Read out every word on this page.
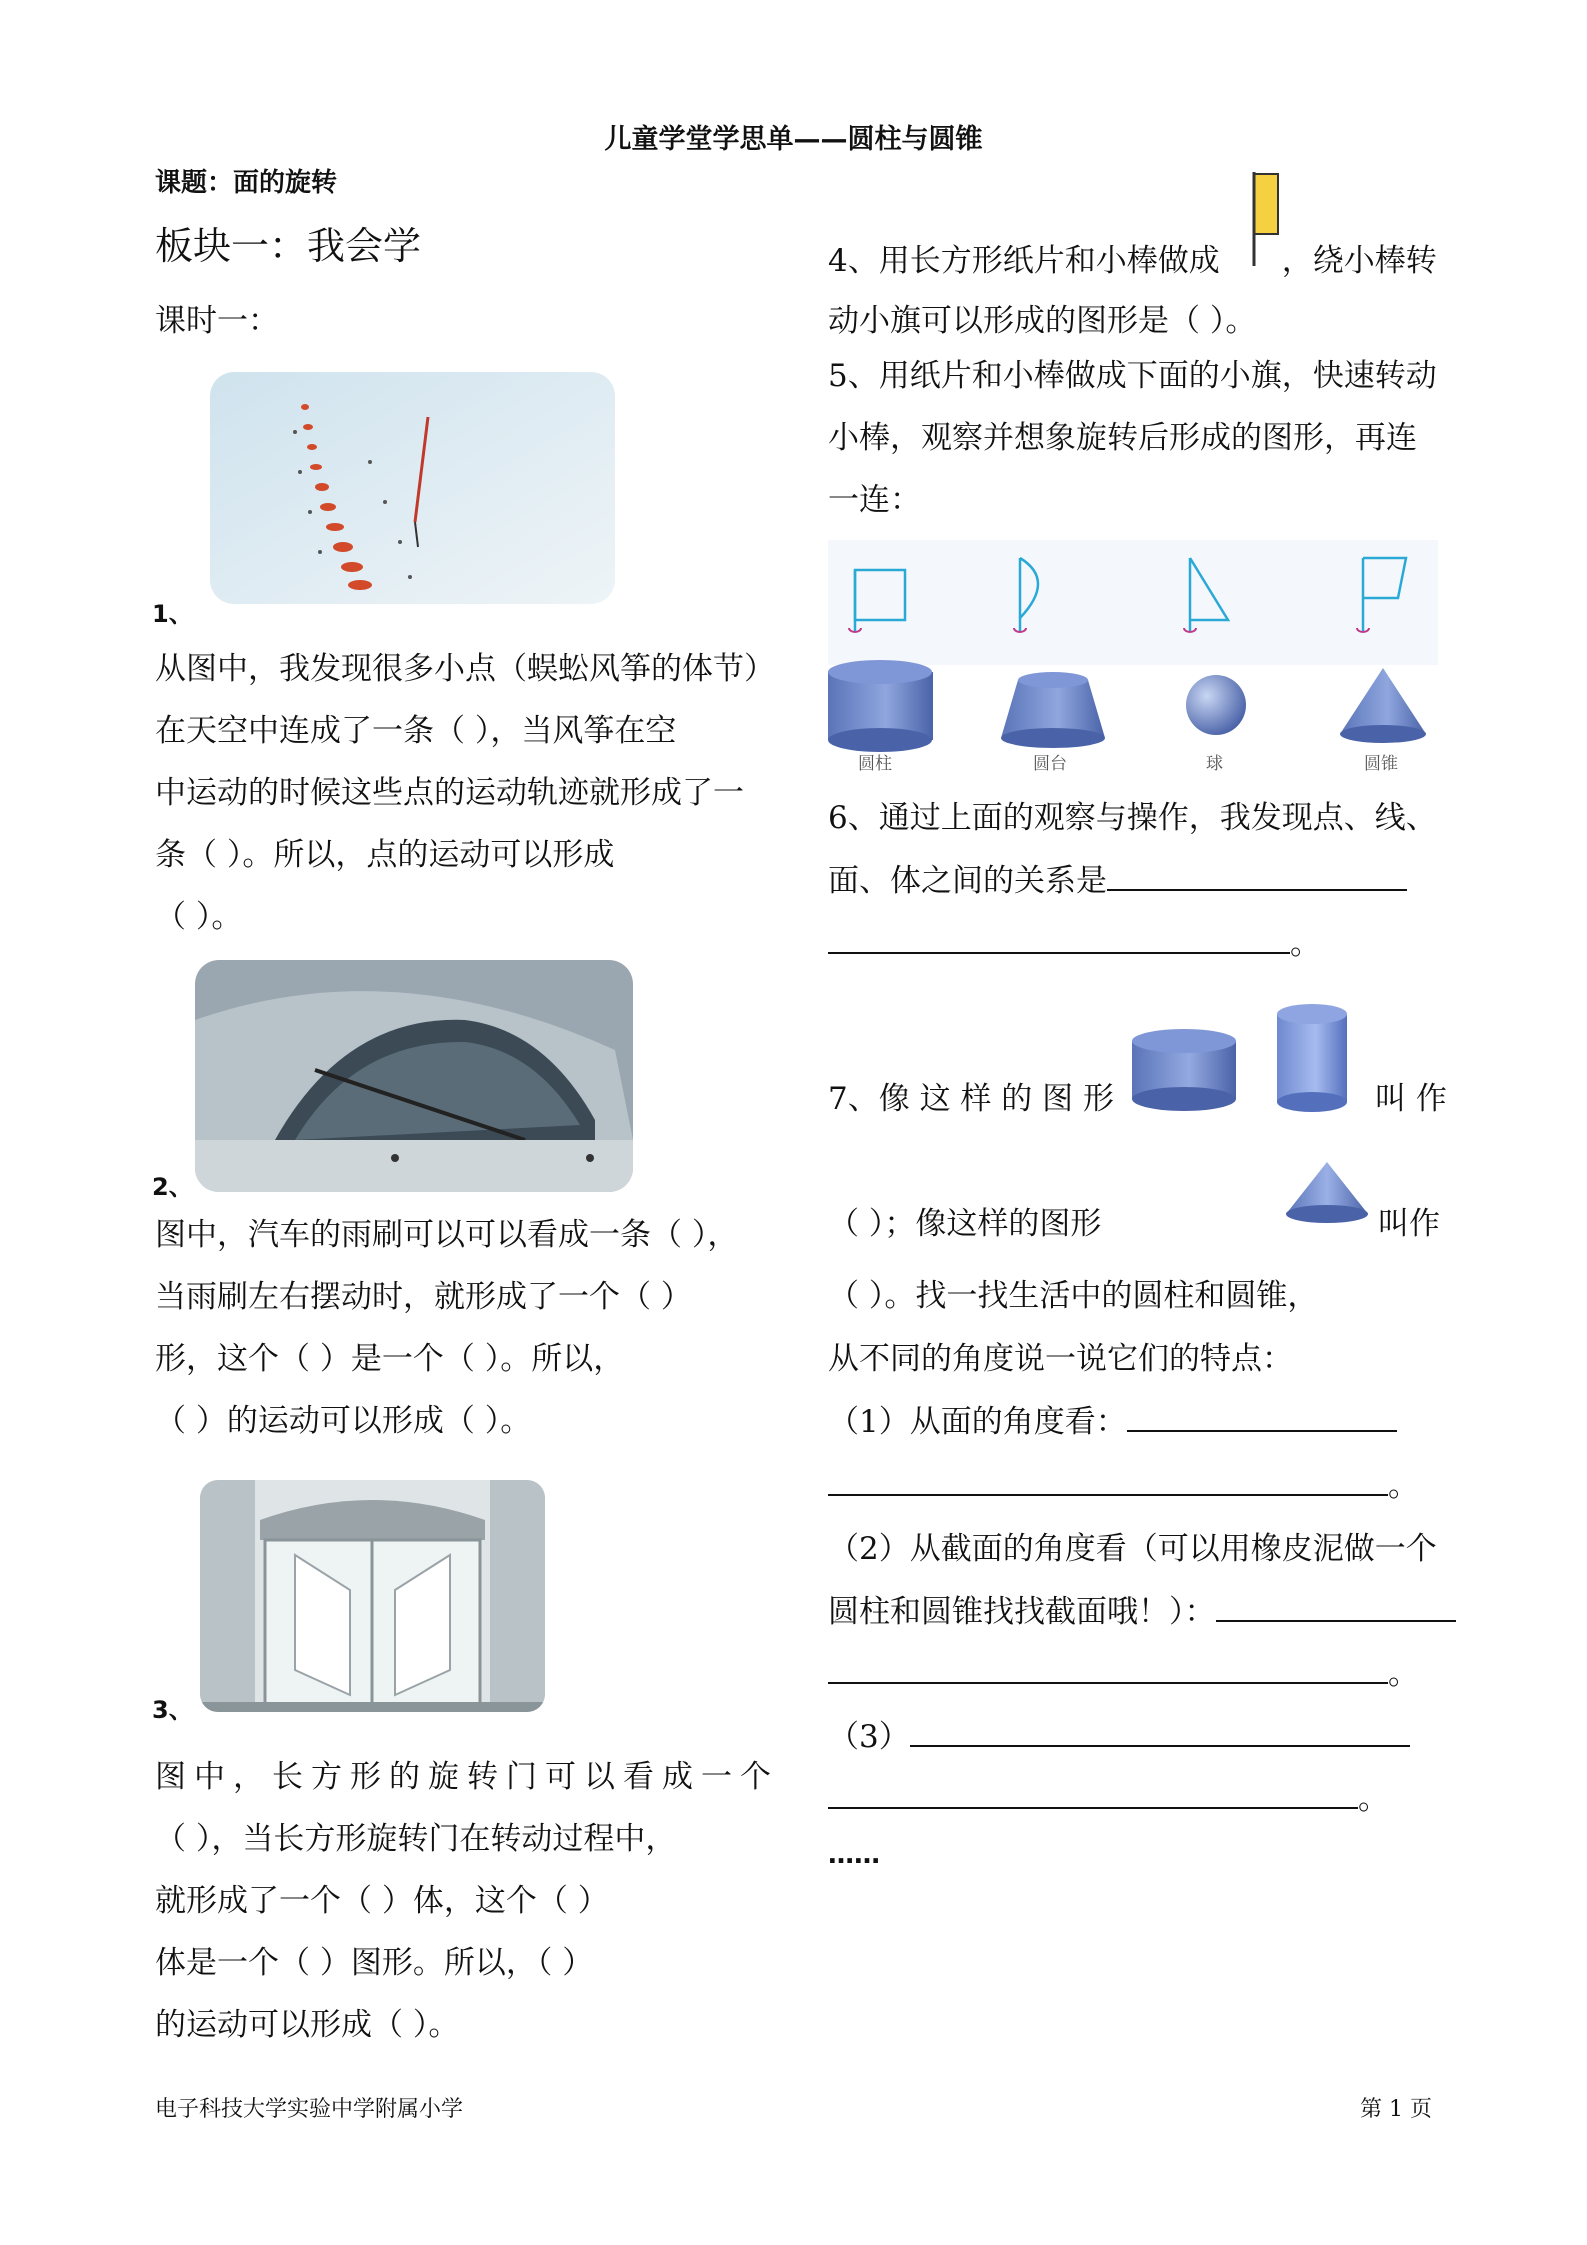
儿童学堂学思单——圆柱与圆锥
课题：面的旋转
板块一：我会学
课时一：
1、
从图中，我发现很多小点（蜈蚣风筝的体节）
在天空中连成了一条（ ），当风筝在空
中运动的时候这些点的运动轨迹就形成了一
条（ ）。所以，点的运动可以形成
（ ）。
2、
图中，汽车的雨刷可以可以看成一条（ ），
当雨刷左右摆动时，就形成了一个（ ）
形，这个（ ）是一个（ ）。所以，
（ ）的运动可以形成（ ）。
3、
图中，长方形的旋转门可以看成一个
（ ），当长方形旋转门在转动过程中，
就形成了一个（ ）体，这个（ ）
体是一个（ ）图形。所以，（ ）
的运动可以形成（ ）。
4、用长方形纸片和小棒做成 ，绕小棒转
动小旗可以形成的图形是（ ）。
5、用纸片和小棒做成下面的小旗，快速转动
小棒，观察并想象旋转后形成的图形，再连
一连：
圆柱	圆台	球	圆锥
6、通过上面的观察与操作，我发现点、线、
面、体之间的关系是
。
7、像 这 样 的 图 形	叫 作
（ ）；像这样的图形	叫作
（ ）。找一找生活中的圆柱和圆锥，
从不同的角度说一说它们的特点：
（1）从面的角度看：
。
（2）从截面的角度看（可以用橡皮泥做一个
圆柱和圆锥找找截面哦！）：
。
（3）
。
……
电子科技大学实验中学附属小学	第 1 页
